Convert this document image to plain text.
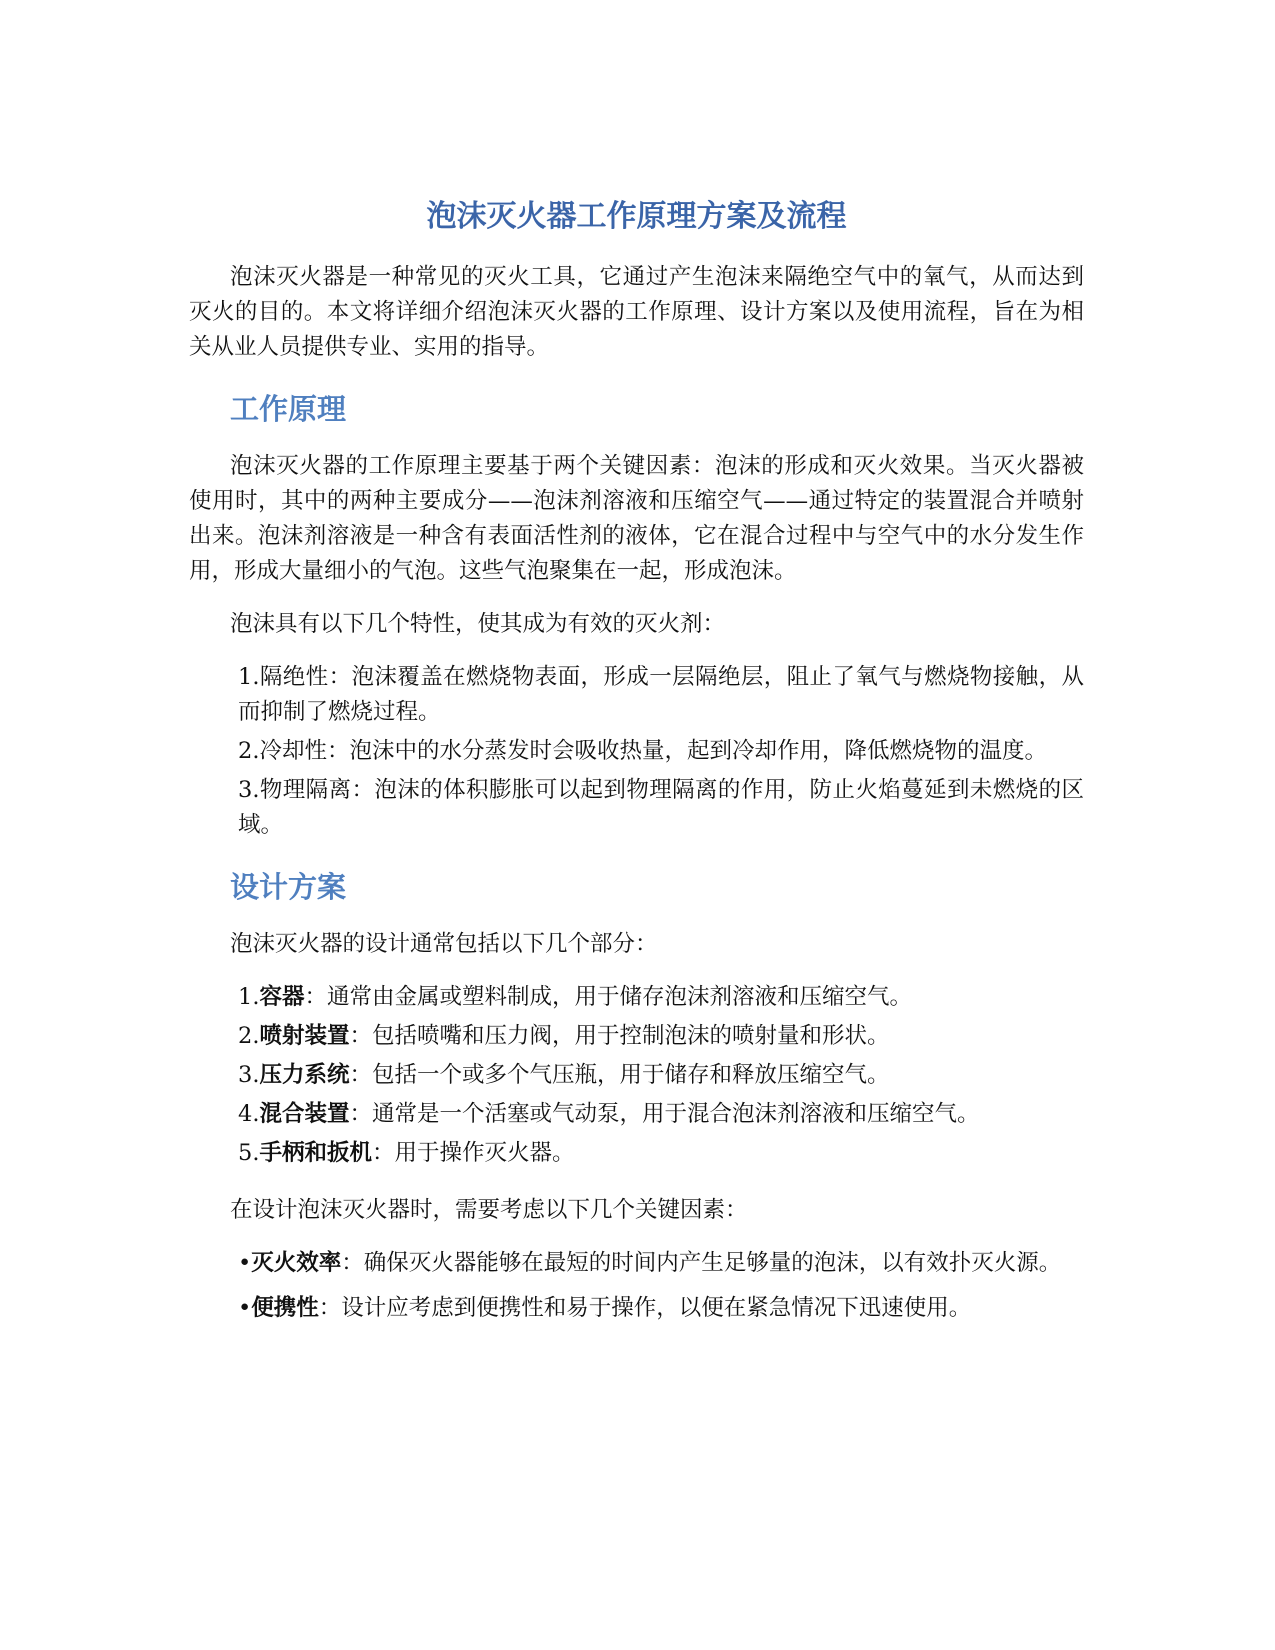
泡沫灭火器工作原理方案及流程

泡沫灭火器是一种常见的灭火工具，它通过产生泡沫来隔绝空气中的氧气，从而达到灭火的目的。本文将详细介绍泡沫灭火器的工作原理、设计方案以及使用流程，旨在为相关从业人员提供专业、实用的指导。

工作原理

泡沫灭火器的工作原理主要基于两个关键因素：泡沫的形成和灭火效果。当灭火器被使用时，其中的两种主要成分——泡沫剂溶液和压缩空气——通过特定的装置混合并喷射出来。泡沫剂溶液是一种含有表面活性剂的液体，它在混合过程中与空气中的水分发生作用，形成大量细小的气泡。这些气泡聚集在一起，形成泡沫。

泡沫具有以下几个特性，使其成为有效的灭火剂：

1.隔绝性：泡沫覆盖在燃烧物表面，形成一层隔绝层，阻止了氧气与燃烧物接触，从而抑制了燃烧过程。

2.冷却性：泡沫中的水分蒸发时会吸收热量，起到冷却作用，降低燃烧物的温度。

3.物理隔离：泡沫的体积膨胀可以起到物理隔离的作用，防止火焰蔓延到未燃烧的区域。

设计方案

泡沫灭火器的设计通常包括以下几个部分：

1.容器：通常由金属或塑料制成，用于储存泡沫剂溶液和压缩空气。

2.喷射装置：包括喷嘴和压力阀，用于控制泡沫的喷射量和形状。

3.压力系统：包括一个或多个气压瓶，用于储存和释放压缩空气。

4.混合装置：通常是一个活塞或气动泵，用于混合泡沫剂溶液和压缩空气。

5.手柄和扳机：用于操作灭火器。

在设计泡沫灭火器时，需要考虑以下几个关键因素：

•灭火效率：确保灭火器能够在最短的时间内产生足够量的泡沫，以有效扑灭火源。

•便携性：设计应考虑到便携性和易于操作，以便在紧急情况下迅速使用。
